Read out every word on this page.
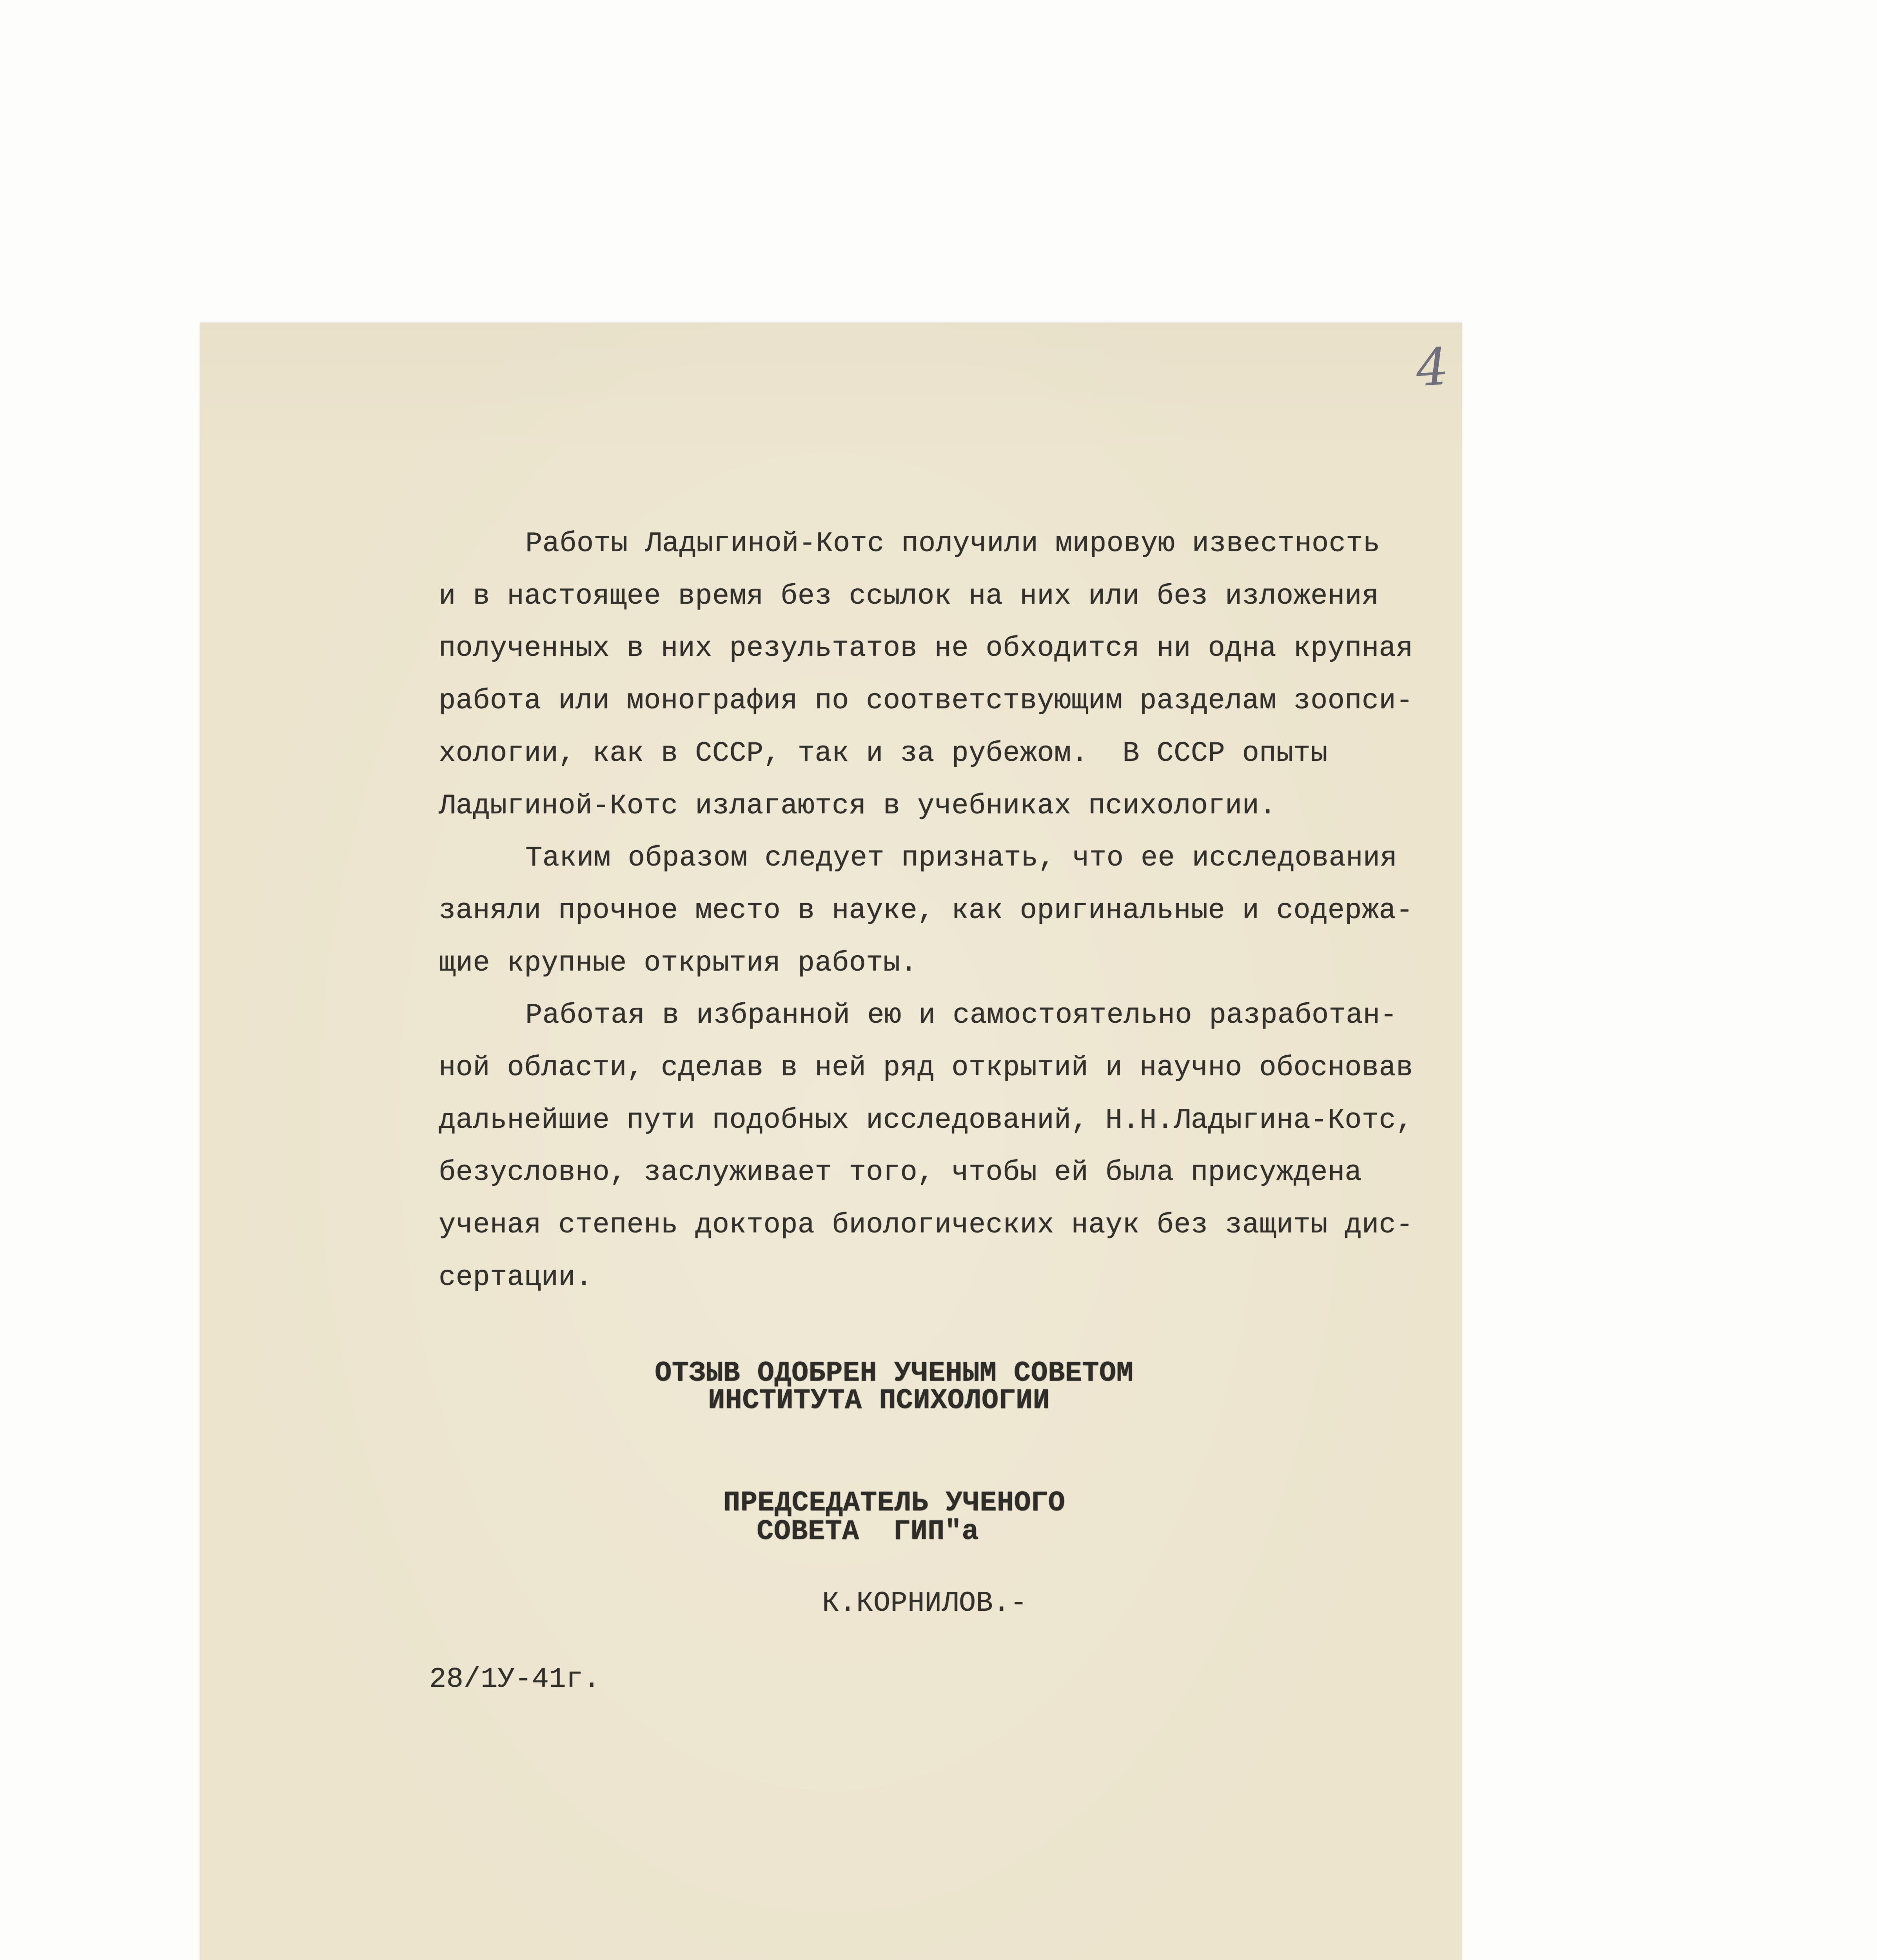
4
Работы Ладыгиной-Котс получили мировую известность
и в настоящее время без ссылок на них или без изложения
полученных в них результатов не обходится ни одна крупная
работа или монография по соответствующим разделам зоопси-
хологии, как в СССР, так и за рубежом.  В СССР опыты
Ладыгиной-Котс излагаются в учебниках психологии.
Таким образом следует признать, что ее исследования
заняли прочное место в науке, как оригинальные и содержа-
щие крупные открытия работы.
Работая в избранной ею и самостоятельно разработан-
ной области, сделав в ней ряд открытий и научно обосновав
дальнейшие пути подобных исследований, Н.Н.Ладыгина-Котс,
безусловно, заслуживает того, чтобы ей была присуждена
ученая степень доктора биологических наук без защиты дис-
сертации.
ОТЗЫВ ОДОБРЕН УЧЕНЫМ СОВЕТОМ
ИНСТИТУТА ПСИХОЛОГИИ
ПРЕДСЕДАТЕЛЬ УЧЕНОГО
СОВЕТА  ГИП"а
К.КОРНИЛОВ.-
28/1У-41г.
